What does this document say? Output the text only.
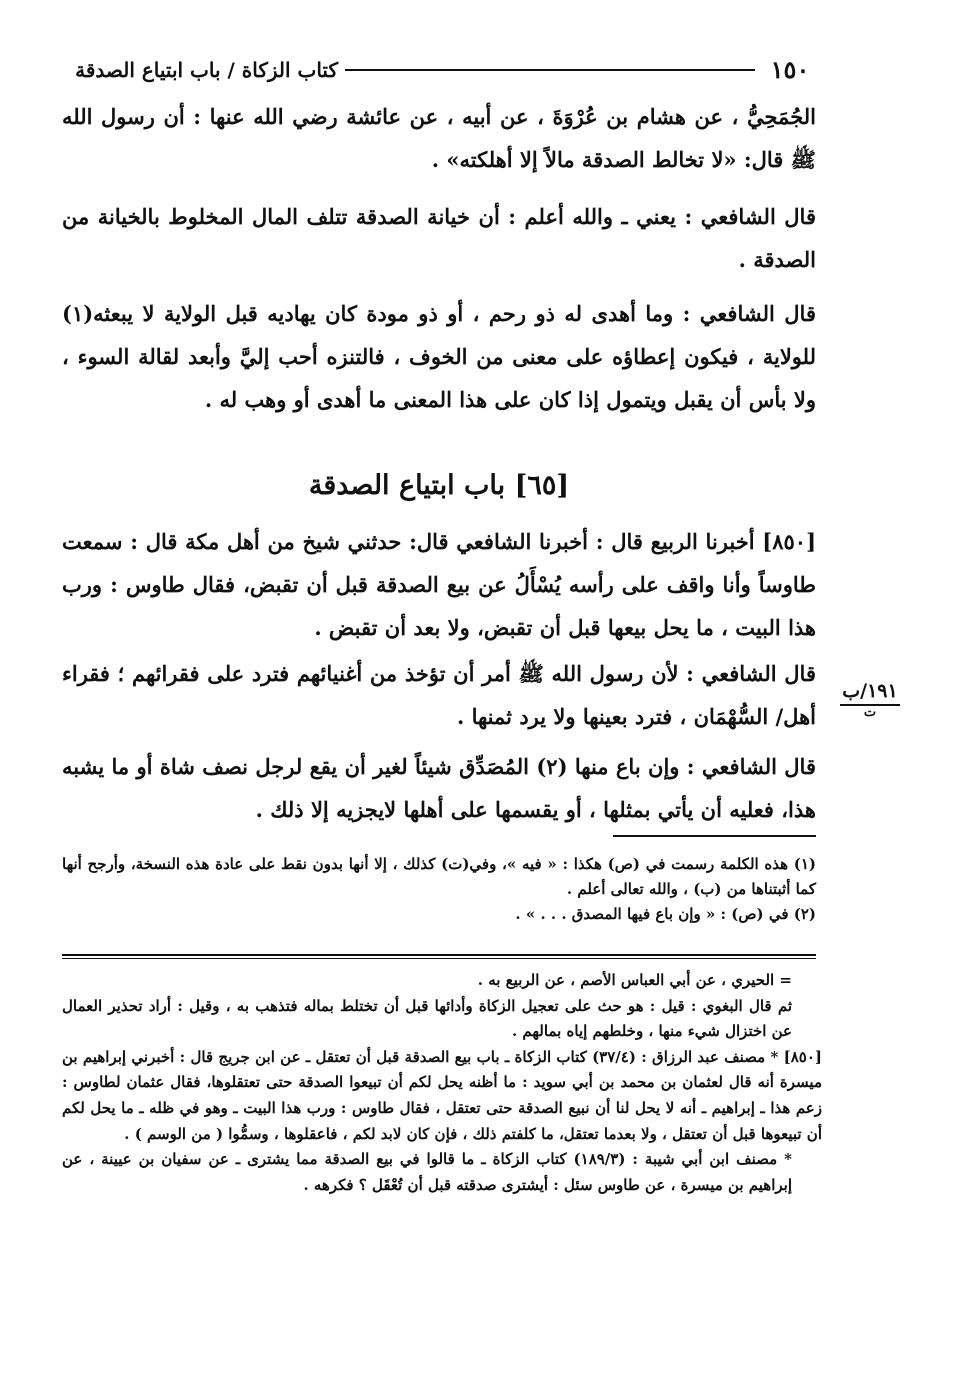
١٥٠
كتاب الزكاة / باب ابتياع الصدقة

الجُمَحِيُّ ، عن هشام بن عُرْوَةَ ، عن أبيه ، عن عائشة رضي الله عنها : أن رسول الله ﷺ قال: «لا تخالط الصدقة مالاً إلا أهلكته» .

قال الشافعي : يعني ـ والله أعلم : أن خيانة الصدقة تتلف المال المخلوط بالخيانة من الصدقة .

قال الشافعي : وما أهدى له ذو رحم ، أو ذو مودة كان يهاديه قبل الولاية لا يبعثه(١) للولاية ، فيكون إعطاؤه على معنى من الخوف ، فالتنزه أحب إليَّ وأبعد لقالة السوء ، ولا بأس أن يقبل ويتمول إذا كان على هذا المعنى ما أهدى أو وهب له .

[٦٥] باب ابتياع الصدقة

[٨٥٠] أخبرنا الربيع قال : أخبرنا الشافعي قال: حدثني شيخ من أهل مكة قال : سمعت طاوساً وأنا واقف على رأسه يُسْأَلُ عن بيع الصدقة قبل أن تقبض، فقال طاوس : ورب هذا البيت ، ما يحل بيعها قبل أن تقبض، ولا بعد أن تقبض .

قال الشافعي : لأن رسول الله ﷺ أمر أن تؤخذ من أغنيائهم فترد على فقرائهم ؛ فقراء أهل/ السُّهْمَان ، فترد بعينها ولا يرد ثمنها .

قال الشافعي : وإن باع منها (٢) المُصَدِّق شيئاً لغير أن يقع لرجل نصف شاة أو ما يشبه هذا، فعليه أن يأتي بمثلها ، أو يقسمها على أهلها لايجزيه إلا ذلك .

١٩١/ب
ت

(١) هذه الكلمة رسمت في (ص) هكذا : « فيه »، وفي(ت) كذلك ، إلا أنها بدون نقط على عادة هذه النسخة، وأرجح أنها كما أثبتناها من (ب) ، والله تعالى أعلم .

(٢) في (ص) : « وإن باع فيها المصدق . . . » .

= الحيري ، عن أبي العباس الأصم ، عن الربيع به .

ثم قال البغوي : قيل : هو حث على تعجيل الزكاة وأدائها قبل أن تختلط بماله فتذهب به ، وقيل : أراد تحذير العمال عن اختزال شيء منها ، وخلطهم إياه بمالهم .

[٨٥٠] * مصنف عبد الرزاق : (٣٧/٤) كتاب الزكاة ـ باب بيع الصدقة قبل أن تعتقل ـ عن ابن جريج قال : أخبرني إبراهيم بن ميسرة أنه قال لعثمان بن محمد بن أبي سويد : ما أظنه يحل لكم أن تبيعوا الصدقة حتى تعتقلوها، فقال عثمان لطاوس : زعم هذا ـ إبراهيم ـ أنه لا يحل لنا أن نبيع الصدقة حتى تعتقل ، فقال طاوس : ورب هذا البيت ـ وهو في ظله ـ ما يحل لكم أن تبيعوها قبل أن تعتقل ، ولا بعدما تعتقل، ما كلفتم ذلك ، فإن كان لابد لكم ، فاعقلوها ، وسمُّوا ( من الوسم ) .

* مصنف ابن أبي شيبة : (١٨٩/٣) كتاب الزكاة ـ ما قالوا في بيع الصدقة مما يشترى ـ عن سفيان بن عيينة ، عن إبراهيم بن ميسرة ، عن طاوس سئل : أيشترى صدقته قبل أن تُعْقَل ؟ فكرهه .
